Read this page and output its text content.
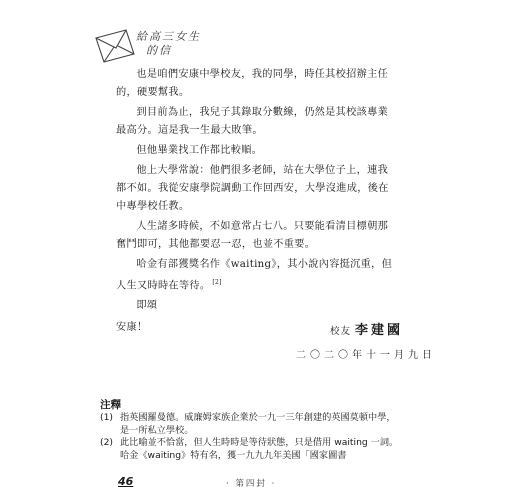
給高三女生
的信

也是咱們安康中學校友，我的同學，時任其校招辦主任的，硬要幫我。

到目前為止，我兒子其錄取分數線，仍然是其校該專業最高分。這是我一生最大敗筆。

但他畢業找工作都比較順。

他上大學常說：他們很多老師，站在大學位子上，連我都不如。我從安康學院調動工作回西安，大學沒進成，後在中專學校任教。

人生諸多時候，不如意常占七八。只要能看清目標朝那奮鬥即可，其他都要忍一忍，也並不重要。

哈金有部獲獎名作《waiting》，其小說內容挺沉重，但人生又時時在等待。 [2]

即頌
安康！	校友 李建國
二〇二〇年十一月九日
注釋
(1) 指英國羅曼德。威廉姆家族企業於一九一三年創建的英國莫頓中學，是一所私立學校。
(2) 此比喻並不恰當，但人生時時是等待狀態，只是借用 waiting 一詞。哈金《waiting》特有名，獲一九九九年美國「國家圖書
46	· 第四封 ·
